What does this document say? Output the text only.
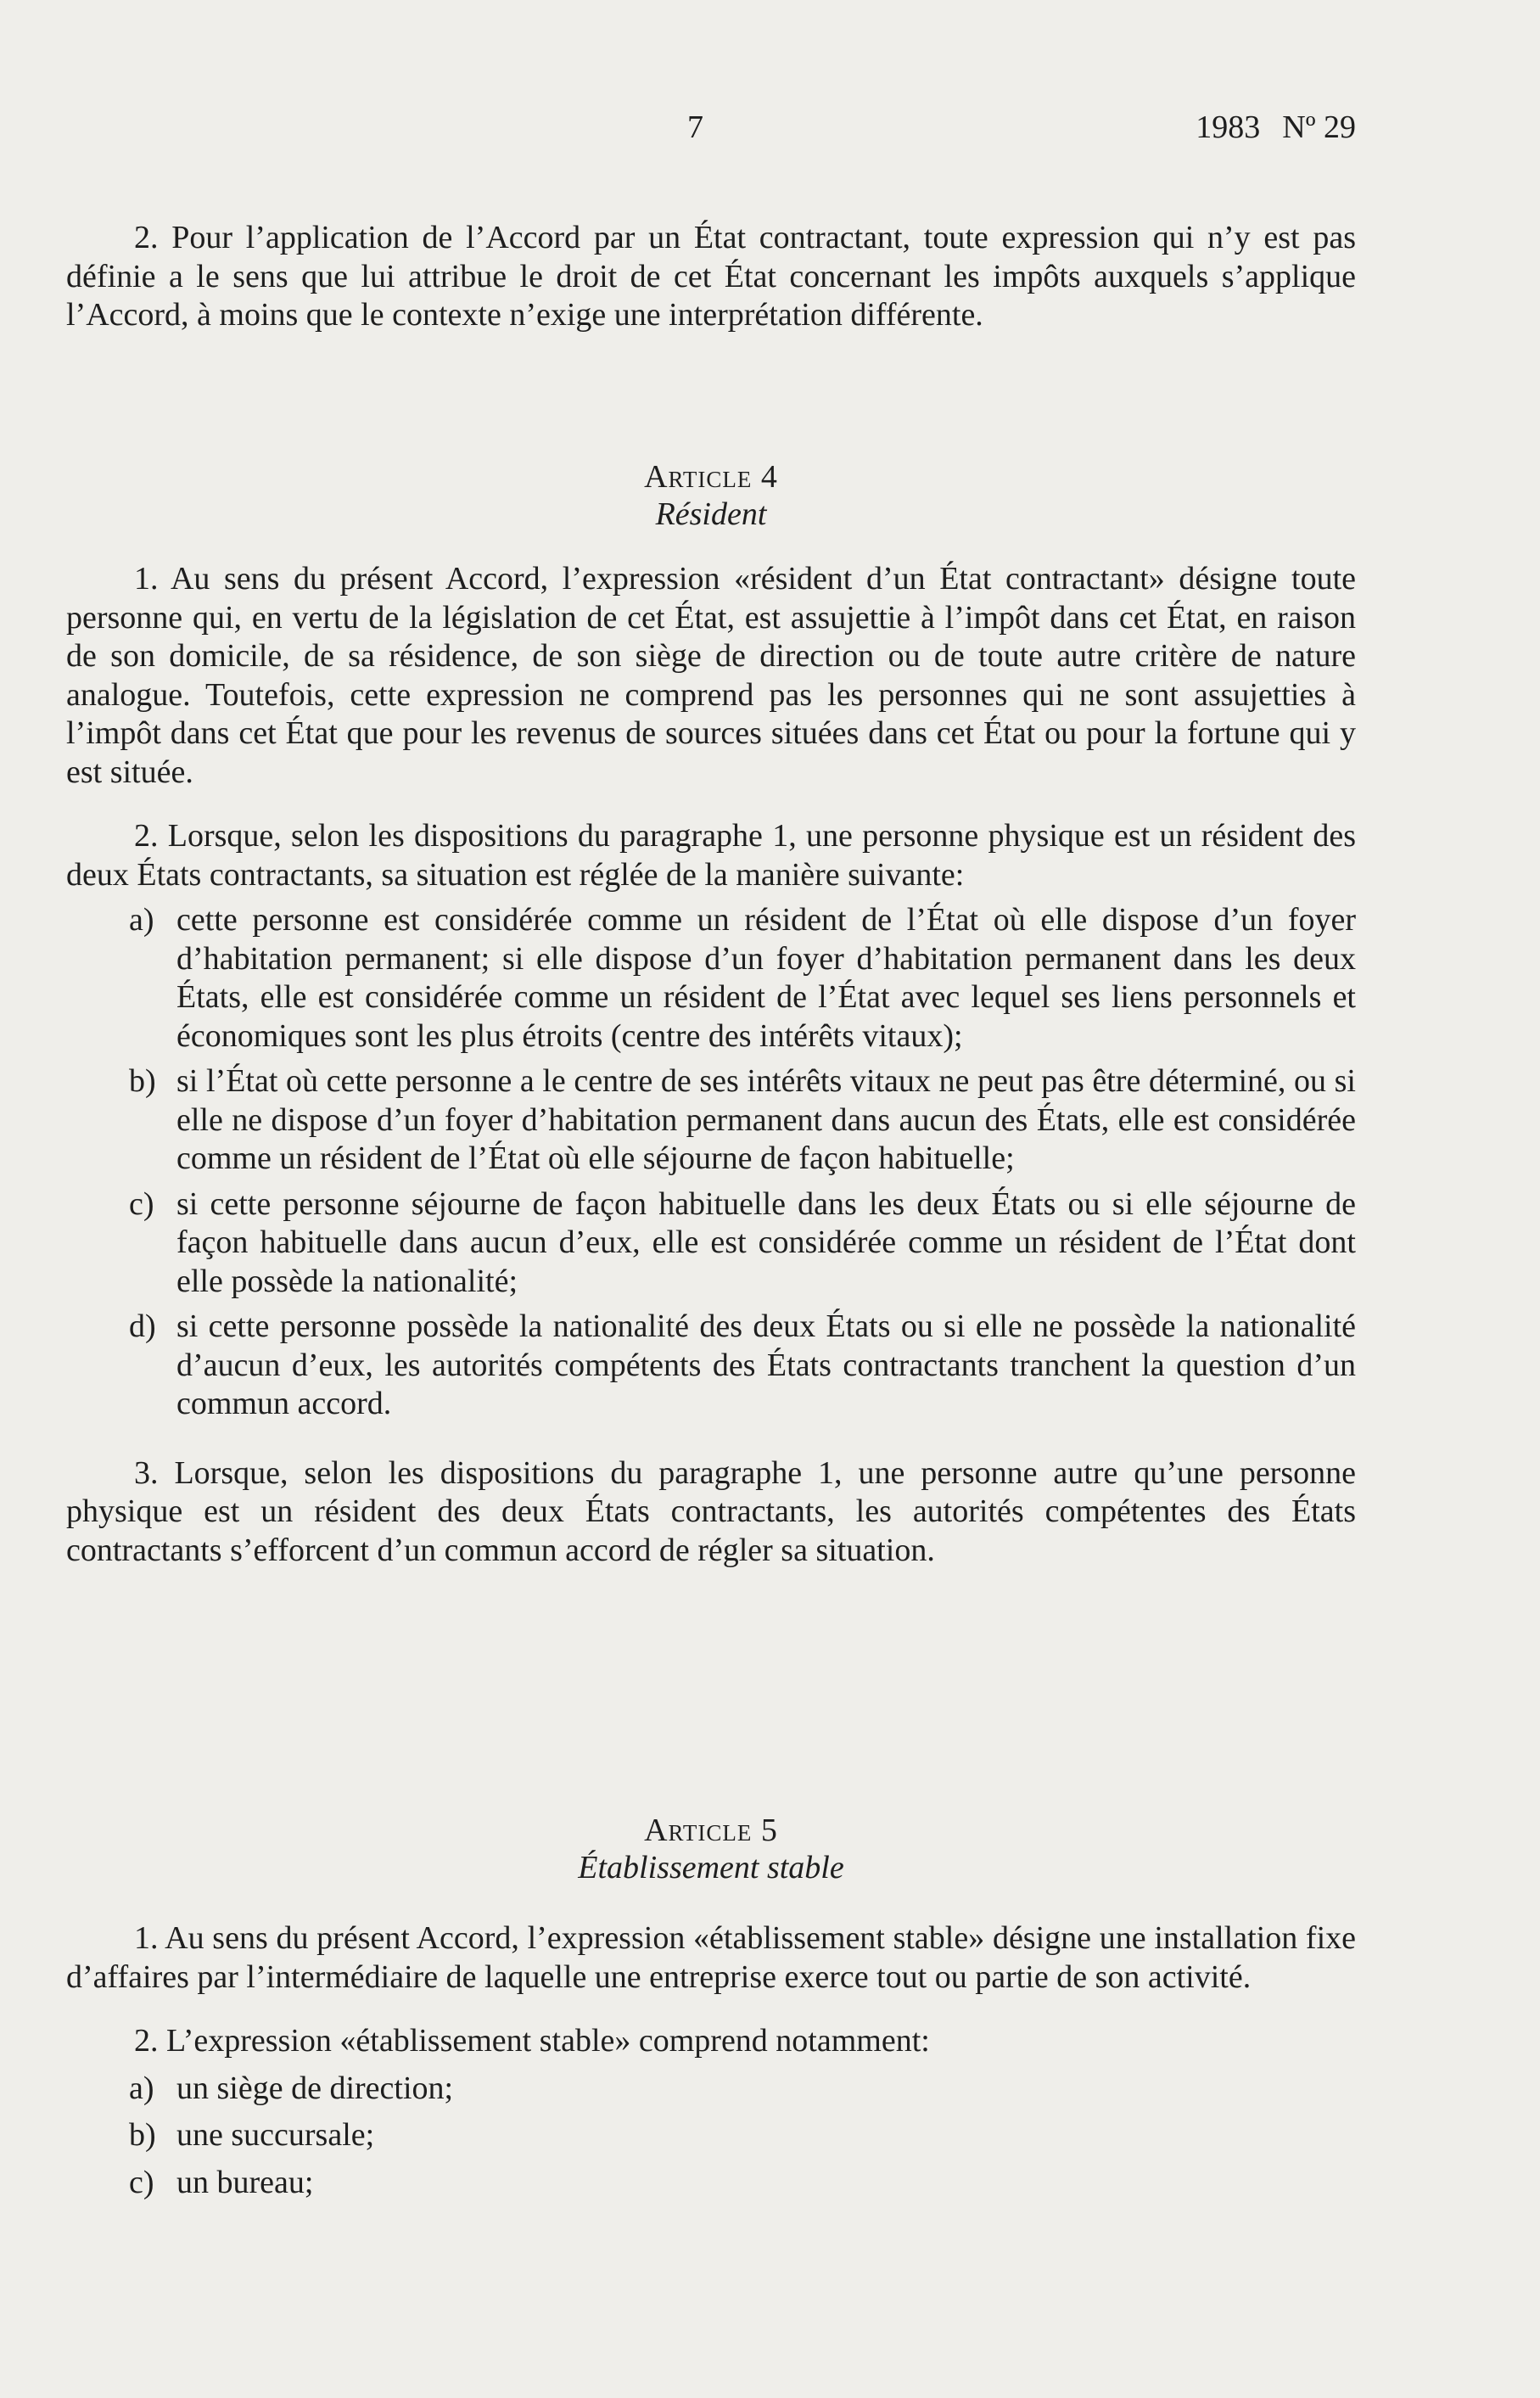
7	1983 Nº 29

2. Pour l’application de l’Accord par un État contractant, toute expression qui n’y est pas définie a le sens que lui attribue le droit de cet État concernant les impôts auxquels s’applique l’Accord, à moins que le contexte n’exige une interprétation différente.

Article 4
Résident

1. Au sens du présent Accord, l’expression «résident d’un État contractant» désigne toute personne qui, en vertu de la législation de cet État, est assujettie à l’impôt dans cet État, en raison de son domicile, de sa résidence, de son siège de direction ou de toute autre critère de nature analogue. Toutefois, cette expression ne comprend pas les personnes qui ne sont assujetties à l’impôt dans cet État que pour les revenus de sources situées dans cet État ou pour la fortune qui y est située.

2. Lorsque, selon les dispositions du paragraphe 1, une personne physique est un résident des deux États contractants, sa situation est réglée de la manière suivante:

a) cette personne est considérée comme un résident de l’État où elle dispose d’un foyer d’habitation permanent; si elle dispose d’un foyer d’habitation permanent dans les deux États, elle est considérée comme un résident de l’État avec lequel ses liens personnels et économiques sont les plus étroits (centre des intérêts vitaux);
b) si l’État où cette personne a le centre de ses intérêts vitaux ne peut pas être déterminé, ou si elle ne dispose d’un foyer d’habitation permanent dans aucun des États, elle est considérée comme un résident de l’État où elle séjourne de façon habituelle;
c) si cette personne séjourne de façon habituelle dans les deux États ou si elle séjourne de façon habituelle dans aucun d’eux, elle est considérée comme un résident de l’État dont elle possède la nationalité;
d) si cette personne possède la nationalité des deux États ou si elle ne possède la nationalité d’aucun d’eux, les autorités compétents des États contractants tranchent la question d’un commun accord.

3. Lorsque, selon les dispositions du paragraphe 1, une personne autre qu’une personne physique est un résident des deux États contractants, les autorités compétentes des États contractants s’efforcent d’un commun accord de régler sa situation.

Article 5
Établissement stable

1. Au sens du présent Accord, l’expression «établissement stable» désigne une installation fixe d’affaires par l’intermédiaire de laquelle une entreprise exerce tout ou partie de son activité.

2. L’expression «établissement stable» comprend notamment:

a) un siège de direction;
b) une succursale;
c) un bureau;
